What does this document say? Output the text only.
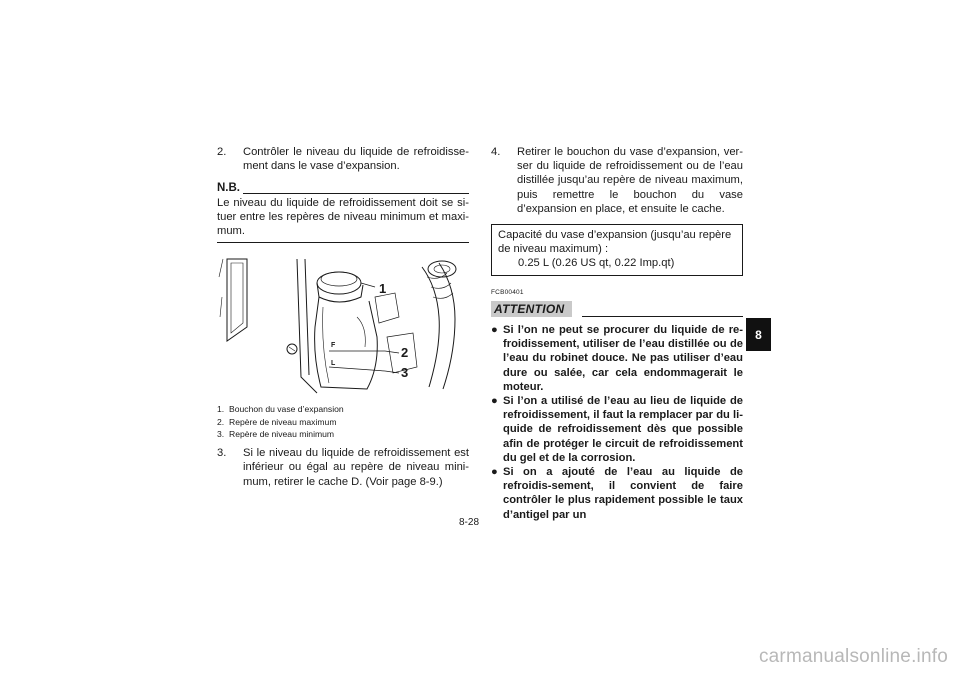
2.	Contrôler le niveau du liquide de refroidisse-ment dans le vase d’expansion.
N.B.
Le niveau du liquide de refroidissement doit se si-tuer entre les repères de niveau minimum et maxi-mum.
1
2
3
F
L
1. Bouchon du vase d’expansion
2. Repère de niveau maximum
3. Repère de niveau minimum
3.	Si le niveau du liquide de refroidissement est inférieur ou égal au repère de niveau mini-mum, retirer le cache D. (Voir page 8-9.)
4.	Retirer le bouchon du vase d’expansion, ver-ser du liquide de refroidissement ou de l’eau distillée jusqu’au repère de niveau maximum, puis remettre le bouchon du vase d’expansion en place, et ensuite le cache.
Capacité du vase d’expansion (jusqu’au repère de niveau maximum) :
0.25 L (0.26 US qt, 0.22 Imp.qt)
FCB00401
ATTENTION
● Si l’on ne peut se procurer du liquide de re-froidissement, utiliser de l’eau distillée ou de l’eau du robinet douce. Ne pas utiliser d’eau dure ou salée, car cela endommagerait le moteur.
● Si l’on a utilisé de l’eau au lieu de liquide de refroidissement, il faut la remplacer par du li-quide de refroidissement dès que possible afin de protéger le circuit de refroidissement du gel et de la corrosion.
● Si on a ajouté de l’eau au liquide de refroidis-sement, il convient de faire contrôler le plus rapidement possible le taux d’antigel par un
8-28
8
carmanualsonline.info
